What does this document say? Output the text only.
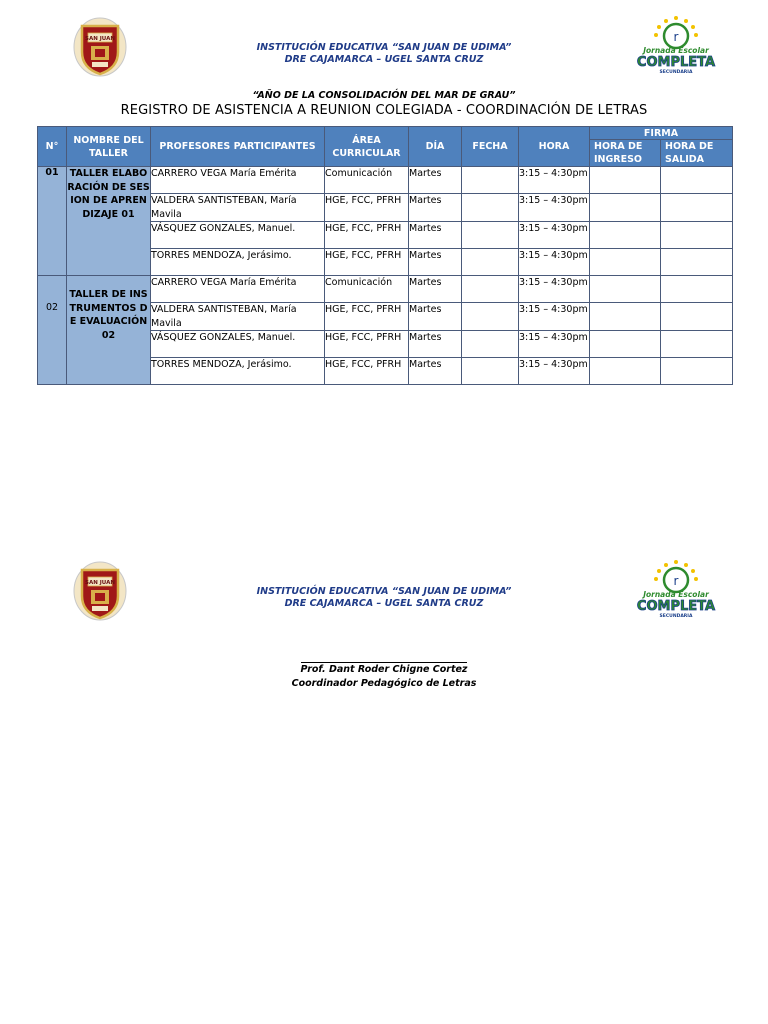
SAN JUAN
INSTITUCIÓN EDUCATIVA “SAN JUAN DE UDIMA”
DRE CAJAMARCA – UGEL SANTA CRUZ
r
Jornada Escolar
COMPLETA
SECUNDARIA
“AÑO DE LA CONSOLIDACIÓN DEL MAR DE GRAU”
REGISTRO DE ASISTENCIA A REUNION COLEGIADA - COORDINACIÓN DE LETRAS
N°	NOMBRE DEL TALLER	PROFESORES PARTICIPANTES	ÁREA CURRICULAR	DÍA	FECHA	HORA	FIRMA	
							HORA DE INGRESO	HORA DE SALIDA
01	TALLER ELABORACIÓN DE SESION DE APRENDIZAJE 01	CARRERO VEGA María Emérita	Comunicación	Martes		3:15 – 4:30pm		
		VALDERA SANTISTEBAN, María Mavila	HGE, FCC, PFRH	Martes		3:15 – 4:30pm		
		VÁSQUEZ GONZALES, Manuel.	HGE, FCC, PFRH	Martes		3:15 – 4:30pm		
		TORRES MENDOZA, Jerásimo.	HGE, FCC, PFRH	Martes		3:15 – 4:30pm		
02	TALLER DE INSTRUMENTOS DE EVALUACIÓN 02	CARRERO VEGA María Emérita	Comunicación	Martes		3:15 – 4:30pm		
		VALDERA SANTISTEBAN, María Mavila	HGE, FCC, PFRH	Martes		3:15 – 4:30pm		
		VÁSQUEZ GONZALES, Manuel.	HGE, FCC, PFRH	Martes		3:15 – 4:30pm		
		TORRES MENDOZA, Jerásimo.	HGE, FCC, PFRH	Martes		3:15 – 4:30pm		
SAN JUAN
INSTITUCIÓN EDUCATIVA “SAN JUAN DE UDIMA”
DRE CAJAMARCA – UGEL SANTA CRUZ
r
Jornada Escolar
COMPLETA
SECUNDARIA
Prof. Dant Roder Chigne Cortez
Coordinador Pedagógico de Letras
